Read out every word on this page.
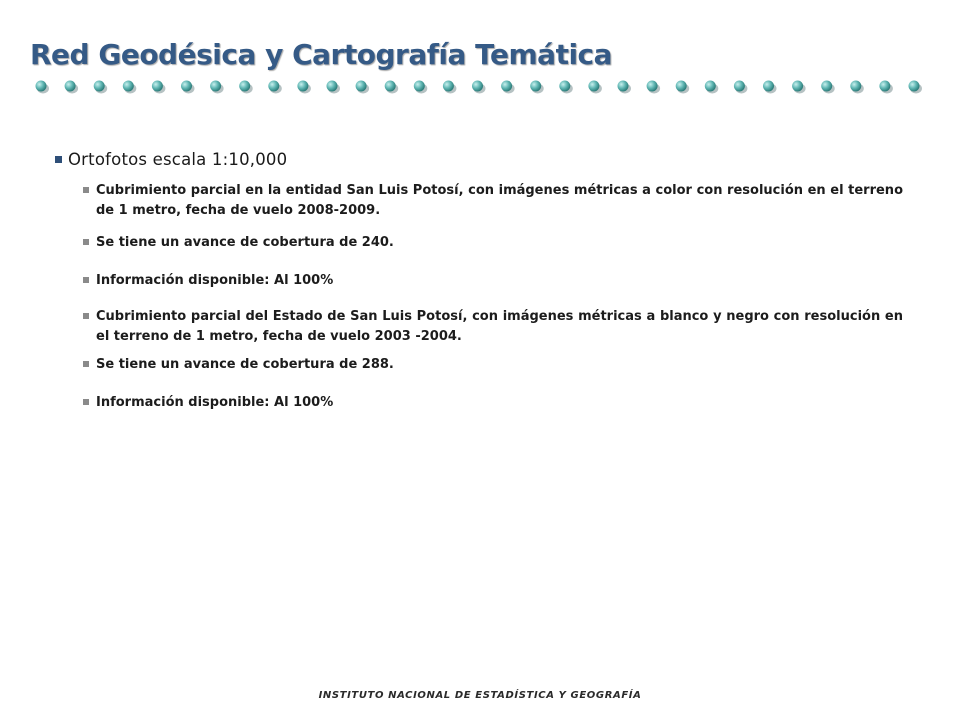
Red Geodésica y Cartografía Temática
Ortofotos escala 1:10,000
Cubrimiento parcial en la entidad San Luis Potosí, con imágenes métricas a color con resolución en el terreno de 1 metro, fecha de vuelo 2008-2009.
Se tiene un avance de cobertura de 240.
Información disponible: Al 100%
Cubrimiento parcial del Estado de San Luis Potosí, con imágenes métricas a blanco y negro con resolución en el terreno de 1 metro, fecha de vuelo 2003 -2004.
Se tiene un avance de cobertura de 288.
Información disponible: Al 100%
INSTITUTO NACIONAL DE ESTADÍSTICA Y GEOGRAFÍA
